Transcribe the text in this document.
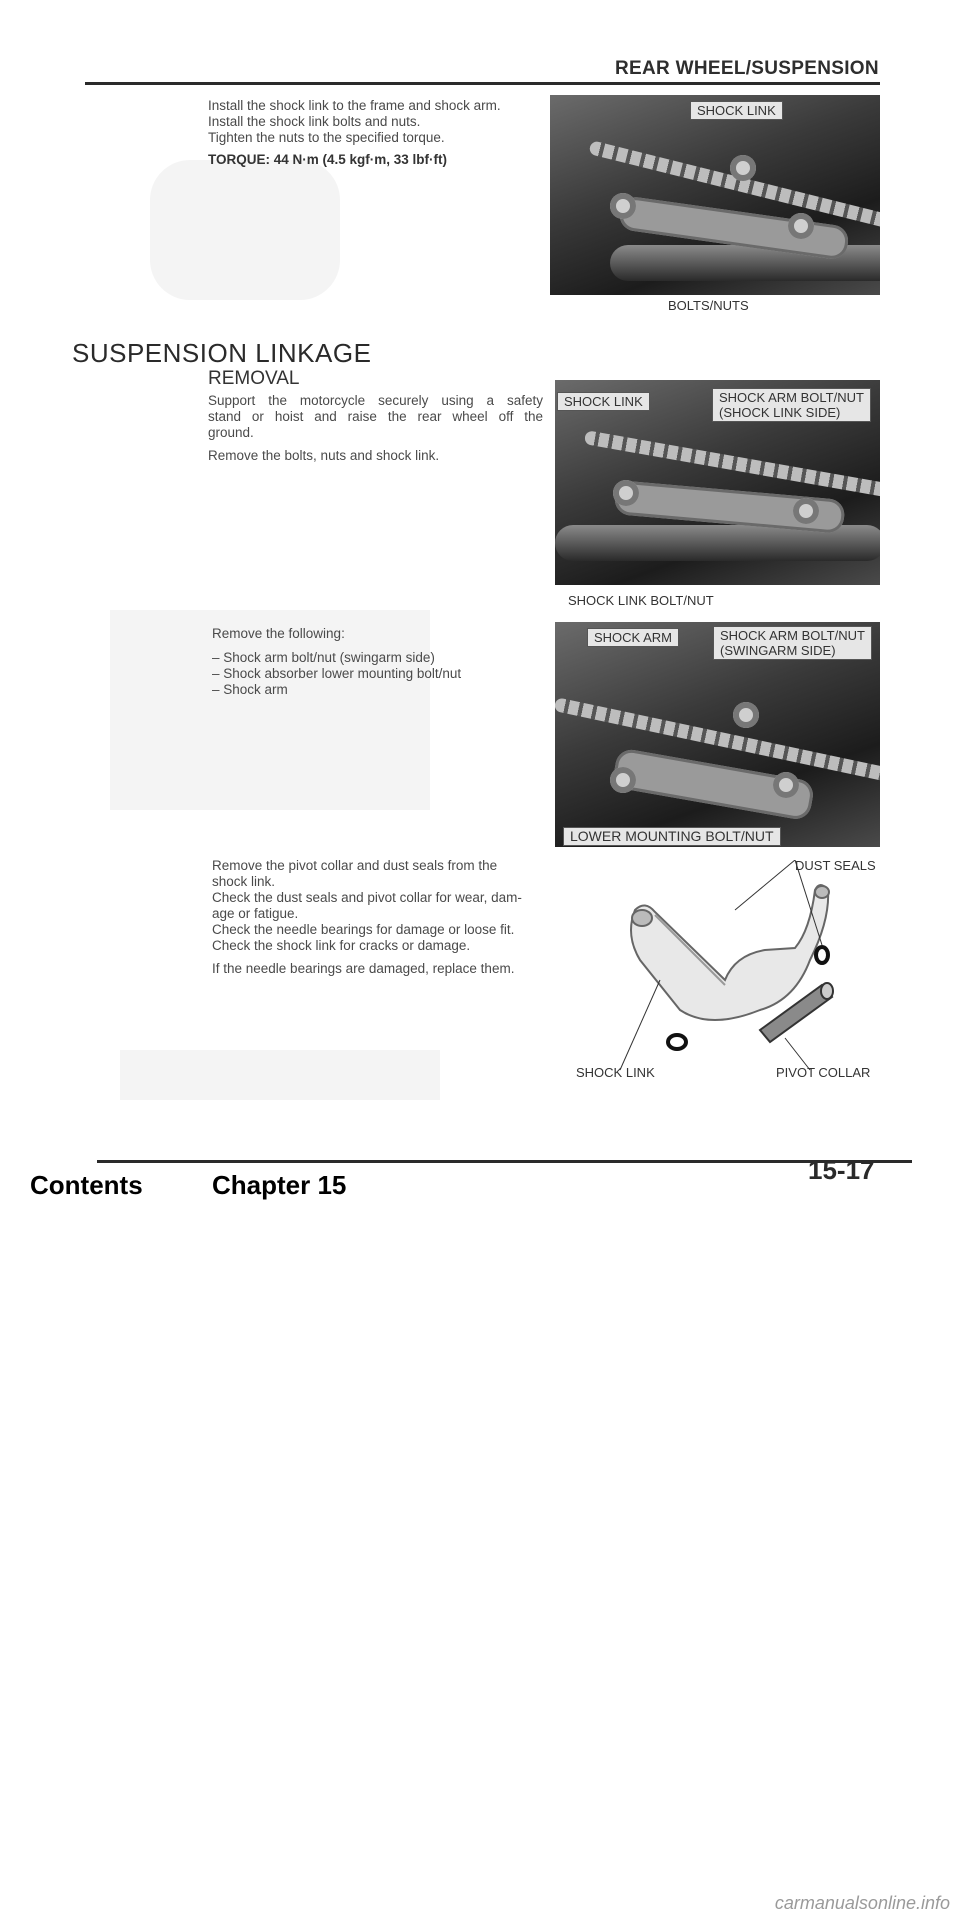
REAR WHEEL/SUSPENSION
Install the shock link to the frame and shock arm.
Install the shock link bolts and nuts.
Tighten the nuts to the specified torque.
TORQUE: 44 N·m (4.5 kgf·m, 33 lbf·ft)
SHOCK LINK
BOLTS/NUTS
SUSPENSION LINKAGE
REMOVAL
Support the motorcycle securely using a safety
stand or hoist and raise the rear wheel off the
ground.
Remove the bolts, nuts and shock link.
SHOCK LINK	SHOCK ARM BOLT/NUT
(SHOCK LINK SIDE)
SHOCK LINK BOLT/NUT
Remove the following:
– Shock arm bolt/nut (swingarm side)
– Shock absorber lower mounting bolt/nut
– Shock arm
SHOCK ARM	SHOCK ARM BOLT/NUT
(SWINGARM SIDE)
LOWER MOUNTING BOLT/NUT
Remove the pivot collar and dust seals from the
shock link.
Check the dust seals and pivot collar for wear, dam-
age or fatigue.
Check the needle bearings for damage or loose fit.
Check the shock link for cracks or damage.
If the needle bearings are damaged, replace them.
DUST SEALS
SHOCK LINK	PIVOT COLLAR
15-17
Contents	Chapter 15
carmanualsonline.info
